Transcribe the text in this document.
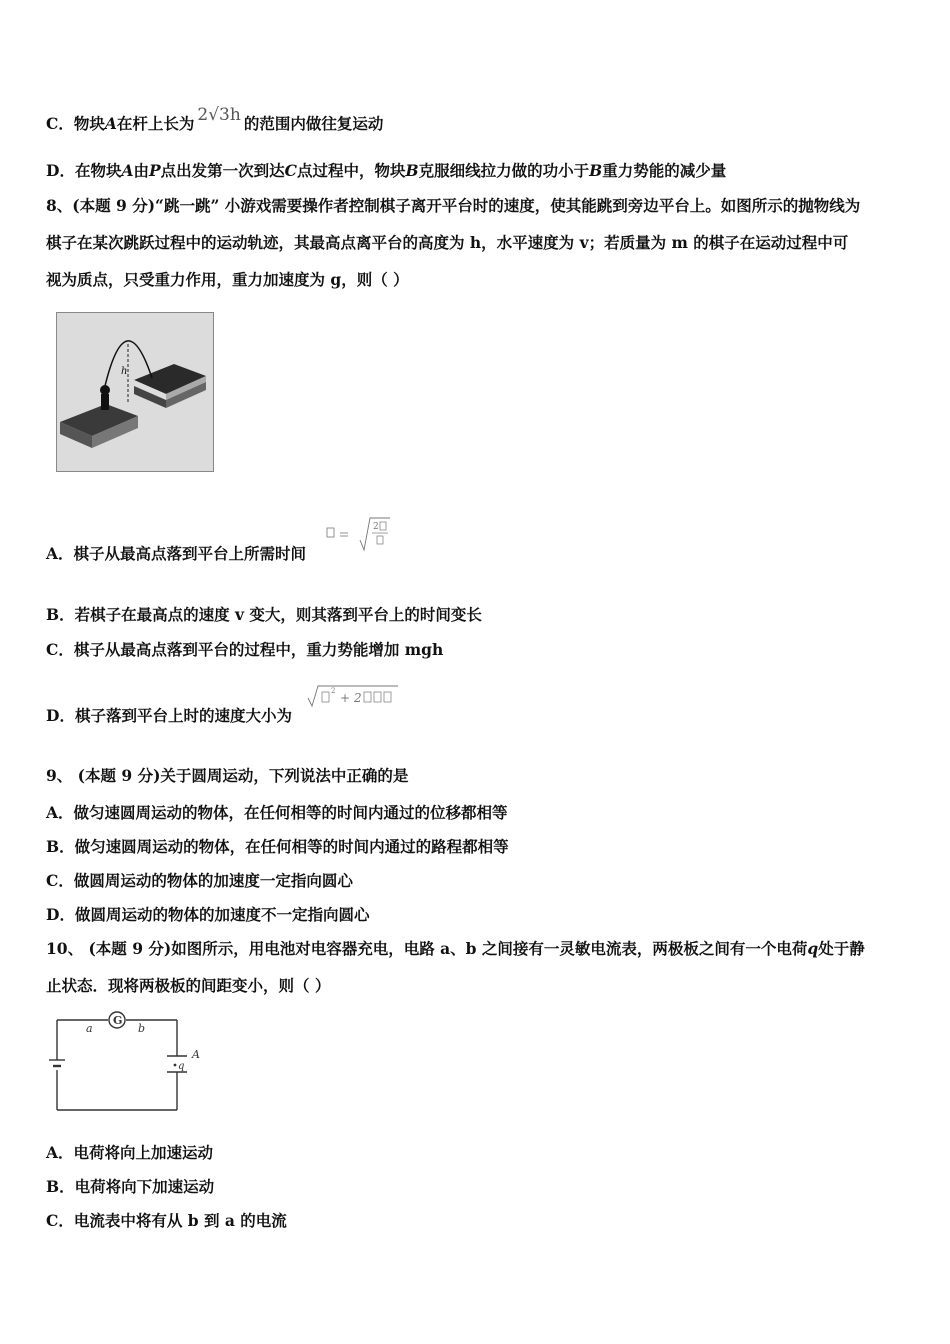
C．物块A在杆上长为 2√3h 的范围内做往复运动
D．在物块A由P点出发第一次到达C点过程中，物块B克服细线拉力做的功小于B重力势能的减少量
8、(本题 9 分)“跳一跳” 小游戏需要操作者控制棋子离开平台时的速度，使其能跳到旁边平台上。如图所示的抛物线为
棋子在某次跳跃过程中的运动轨迹，其最高点离平台的高度为 h，水平速度为 v；若质量为 m 的棋子在运动过程中可
视为质点，只受重力作用，重力加速度为 g，则（ ）
h
A．棋子从最高点落到平台上所需时间
2
B．若棋子在最高点的速度 v 变大，则其落到平台上的时间变长
C．棋子从最高点落到平台的过程中，重力势能增加 mgh
D．棋子落到平台上时的速度大小为
2 + 2
9、 (本题 9 分)关于圆周运动，下列说法中正确的是
A．做匀速圆周运动的物体，在任何相等的时间内通过的位移都相等
B．做匀速圆周运动的物体，在任何相等的时间内通过的路程都相等
C．做圆周运动的物体的加速度一定指向圆心
D．做圆周运动的物体的加速度不一定指向圆心
10、 (本题 9 分)如图所示，用电池对电容器充电，电路 a、b 之间接有一灵敏电流表，两极板之间有一个电荷q处于静
止状态．现将两极板的间距变小，则（ ）
G
a	b
A
q
A．电荷将向上加速运动
B．电荷将向下加速运动
C．电流表中将有从 b 到 a 的电流
